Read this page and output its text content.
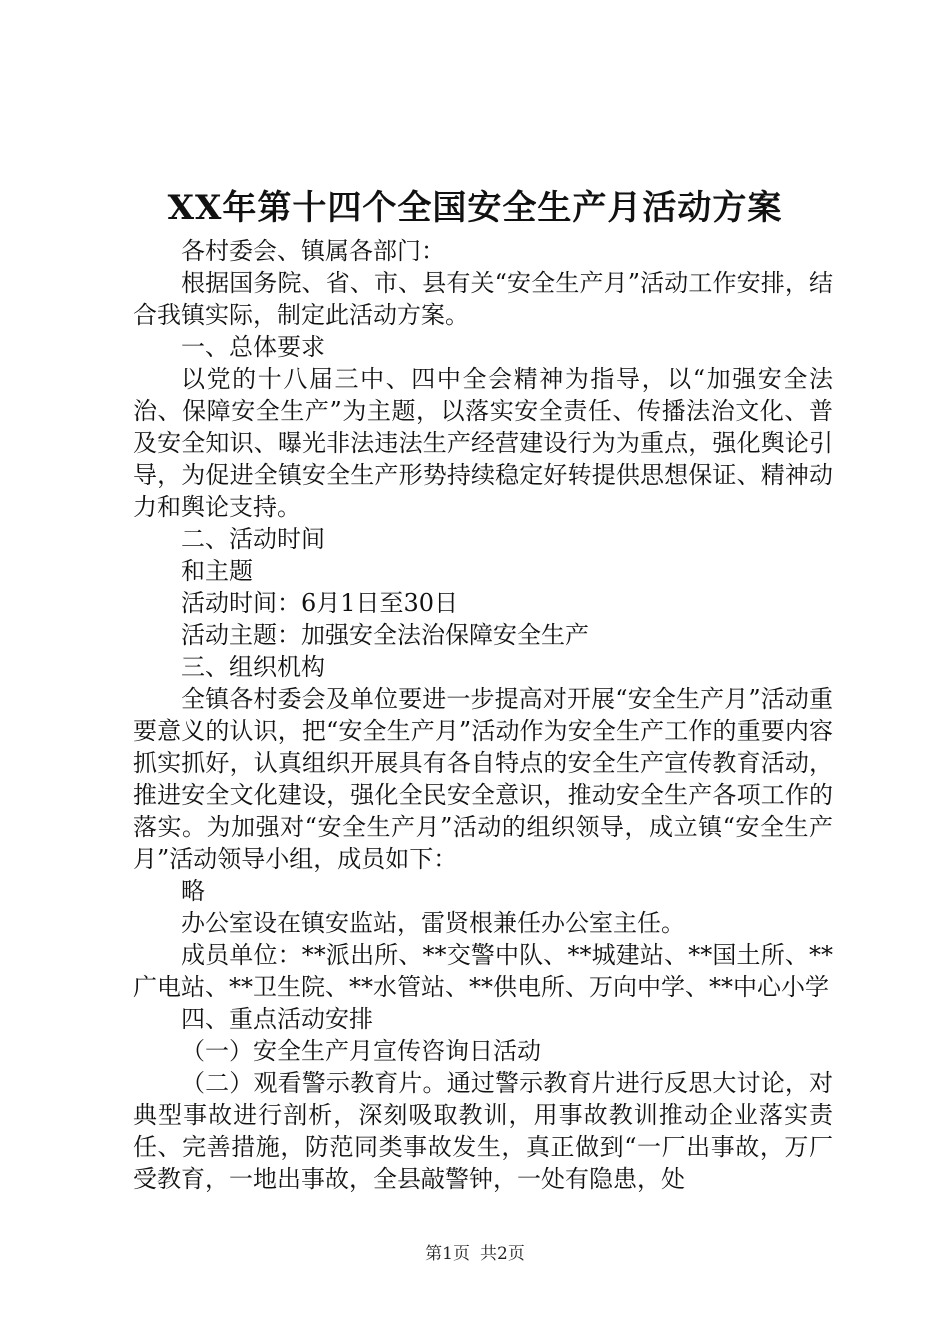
XX年第十四个全国安全生产月活动方案

各村委会、镇属各部门：

根据国务院、省、市、县有关“安全生产月”活动工作安排，结合我镇实际，制定此活动方案。

一、总体要求

以党的十八届三中、四中全会精神为指导，以“加强安全法治、保障安全生产”为主题，以落实安全责任、传播法治文化、普及安全知识、曝光非法违法生产经营建设行为为重点，强化舆论引导，为促进全镇安全生产形势持续稳定好转提供思想保证、精神动力和舆论支持。

二、活动时间

和主题

活动时间：6月1日至30日

活动主题：加强安全法治保障安全生产

三、组织机构

全镇各村委会及单位要进一步提高对开展“安全生产月”活动重要意义的认识，把“安全生产月”活动作为安全生产工作的重要内容抓实抓好，认真组织开展具有各自特点的安全生产宣传教育活动，推进安全文化建设，强化全民安全意识，推动安全生产各项工作的落实。为加强对“安全生产月”活动的组织领导，成立镇“安全生产月”活动领导小组，成员如下：

略

办公室设在镇安监站，雷贤根兼任办公室主任。

成员单位：**派出所、**交警中队、**城建站、**国土所、**广电站、**卫生院、**水管站、**供电所、万向中学、**中心小学

四、重点活动安排

（一）安全生产月宣传咨询日活动

（二）观看警示教育片。通过警示教育片进行反思大讨论，对典型事故进行剖析，深刻吸取教训，用事故教训推动企业落实责任、完善措施，防范同类事故发生，真正做到“一厂出事故，万厂受教育，一地出事故，全县敲警钟，一处有隐患，处

第1页 共2页
